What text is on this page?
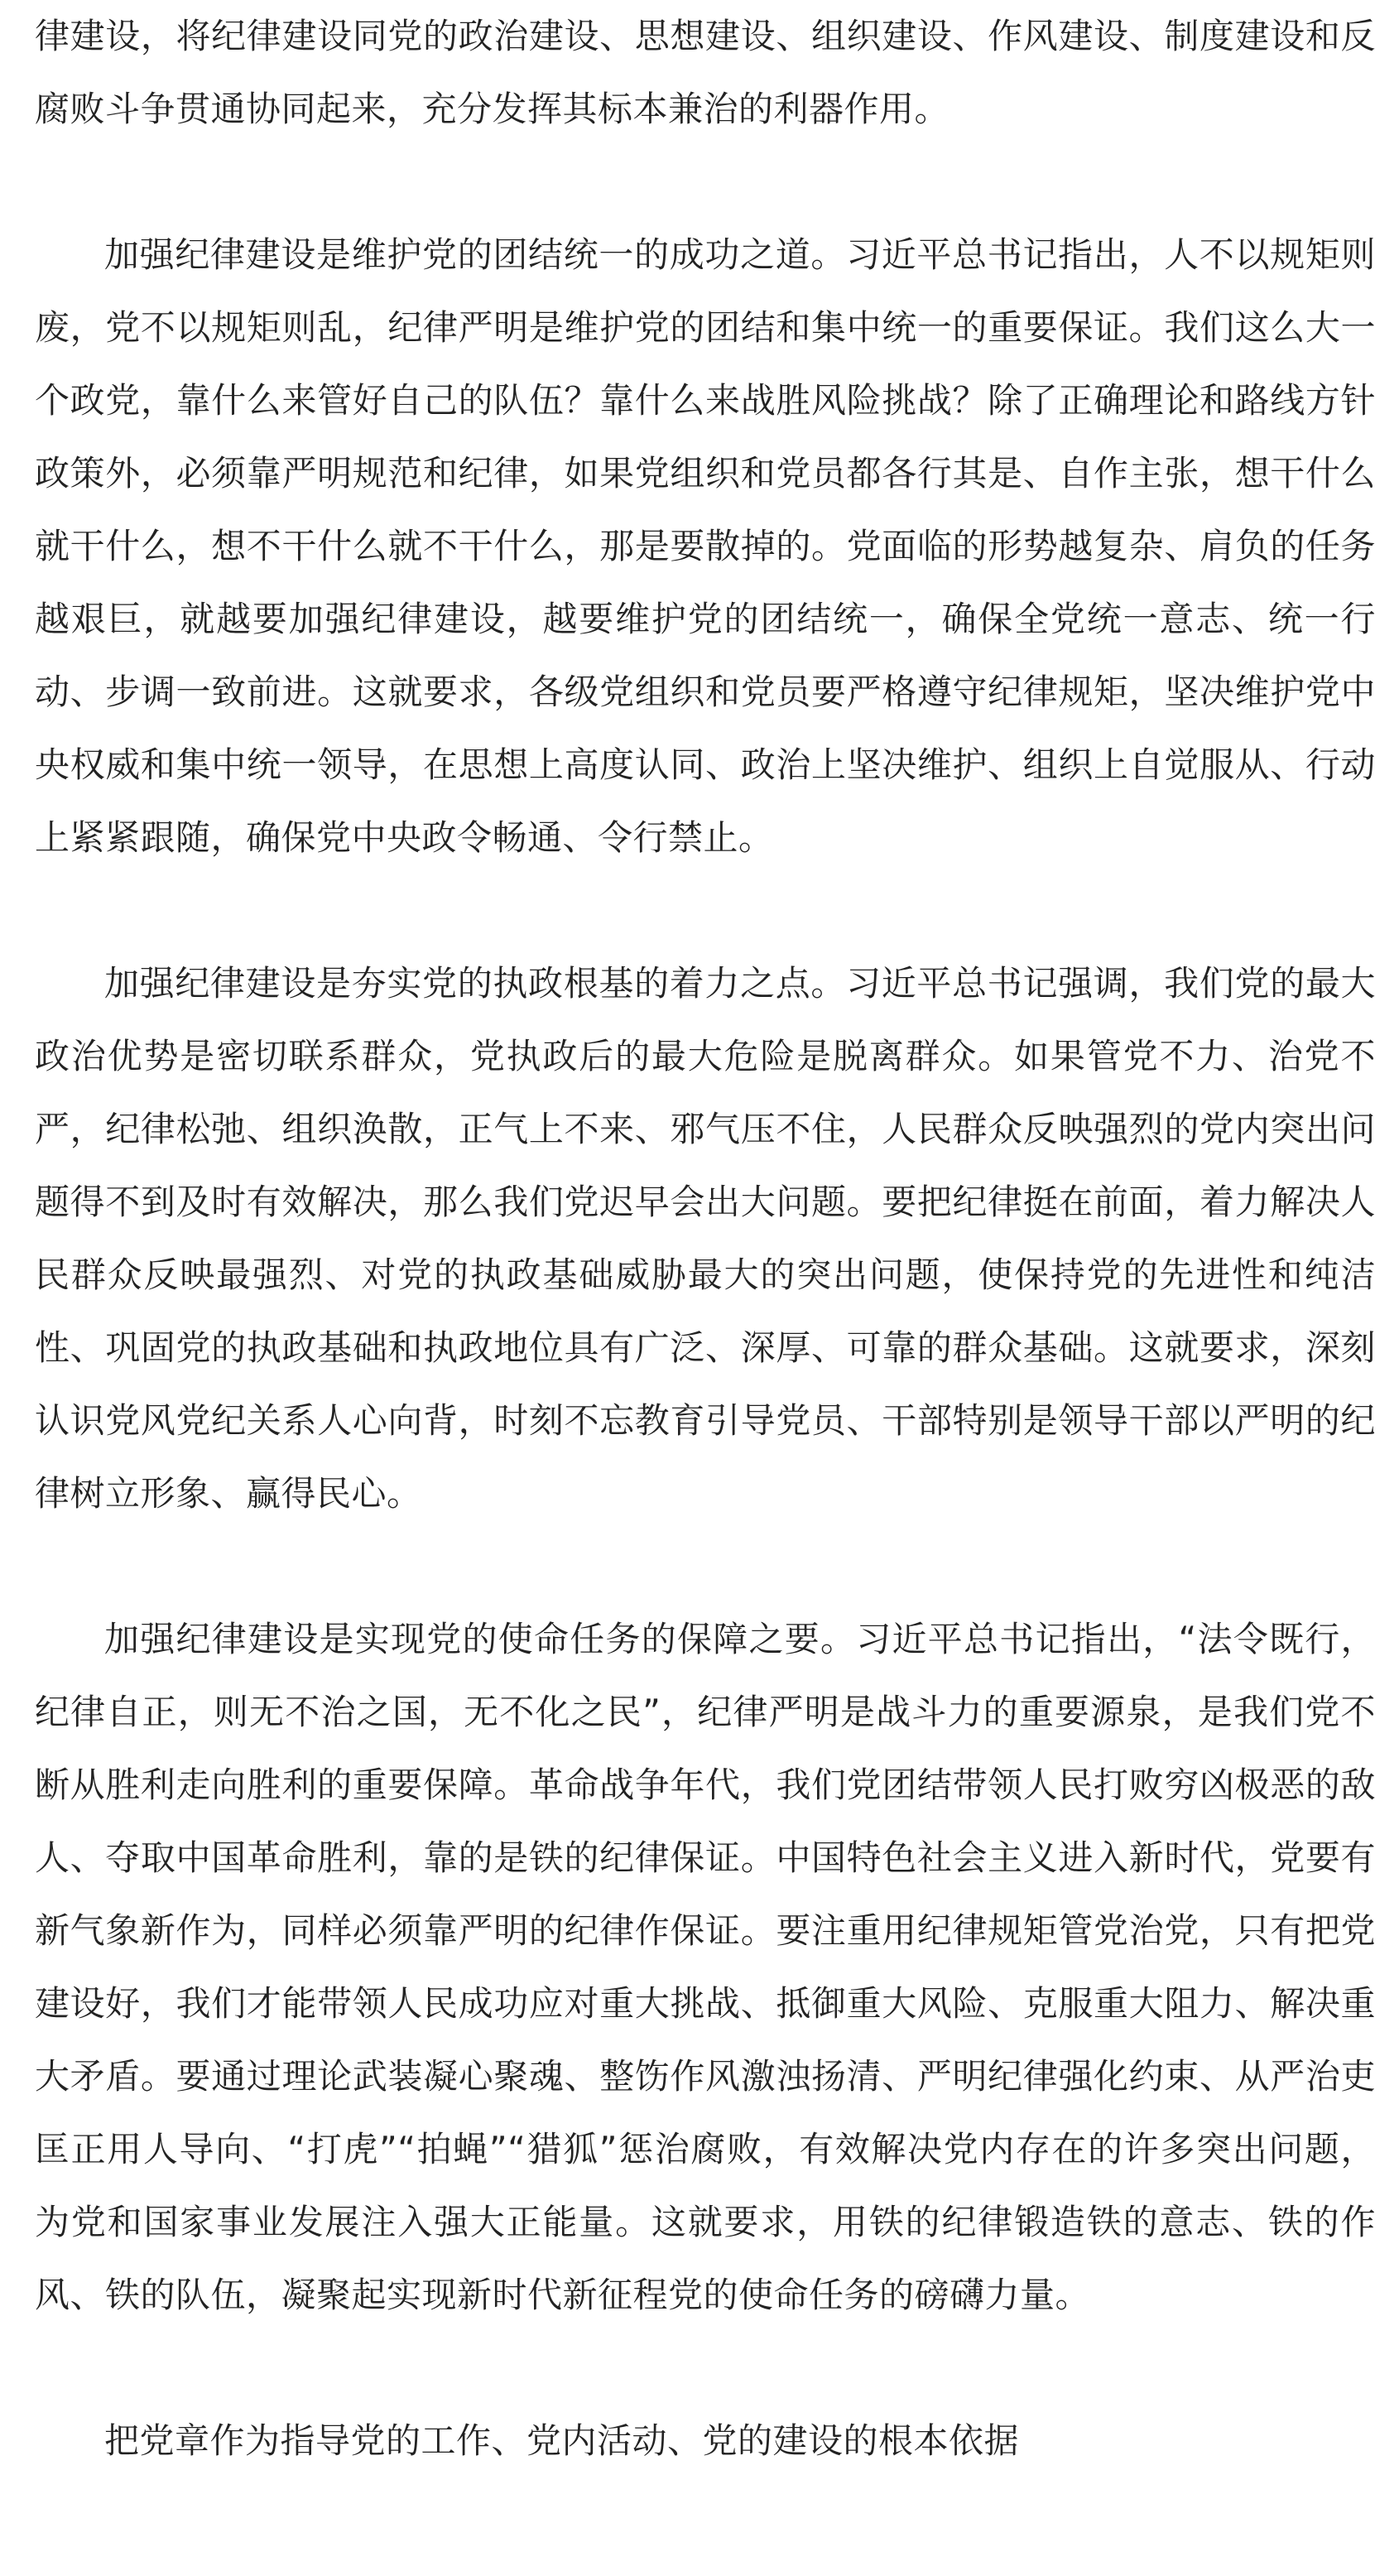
律建设，将纪律建设同党的政治建设、思想建设、组织建设、作风建设、制度建设和反腐败斗争贯通协同起来，充分发挥其标本兼治的利器作用。

加强纪律建设是维护党的团结统一的成功之道。习近平总书记指出，人不以规矩则废，党不以规矩则乱，纪律严明是维护党的团结和集中统一的重要保证。我们这么大一个政党，靠什么来管好自己的队伍？靠什么来战胜风险挑战？除了正确理论和路线方针政策外，必须靠严明规范和纪律，如果党组织和党员都各行其是、自作主张，想干什么就干什么，想不干什么就不干什么，那是要散掉的。党面临的形势越复杂、肩负的任务越艰巨，就越要加强纪律建设，越要维护党的团结统一，确保全党统一意志、统一行动、步调一致前进。这就要求，各级党组织和党员要严格遵守纪律规矩，坚决维护党中央权威和集中统一领导，在思想上高度认同、政治上坚决维护、组织上自觉服从、行动上紧紧跟随，确保党中央政令畅通、令行禁止。

加强纪律建设是夯实党的执政根基的着力之点。习近平总书记强调，我们党的最大政治优势是密切联系群众，党执政后的最大危险是脱离群众。如果管党不力、治党不严，纪律松弛、组织涣散，正气上不来、邪气压不住，人民群众反映强烈的党内突出问题得不到及时有效解决，那么我们党迟早会出大问题。要把纪律挺在前面，着力解决人民群众反映最强烈、对党的执政基础威胁最大的突出问题，使保持党的先进性和纯洁性、巩固党的执政基础和执政地位具有广泛、深厚、可靠的群众基础。这就要求，深刻认识党风党纪关系人心向背，时刻不忘教育引导党员、干部特别是领导干部以严明的纪律树立形象、赢得民心。

加强纪律建设是实现党的使命任务的保障之要。习近平总书记指出，“法令既行，纪律自正，则无不治之国，无不化之民”，纪律严明是战斗力的重要源泉，是我们党不断从胜利走向胜利的重要保障。革命战争年代，我们党团结带领人民打败穷凶极恶的敌人、夺取中国革命胜利，靠的是铁的纪律保证。中国特色社会主义进入新时代，党要有新气象新作为，同样必须靠严明的纪律作保证。要注重用纪律规矩管党治党，只有把党建设好，我们才能带领人民成功应对重大挑战、抵御重大风险、克服重大阻力、解决重大矛盾。要通过理论武装凝心聚魂、整饬作风激浊扬清、严明纪律强化约束、从严治吏匡正用人导向、“打虎”“拍蝇”“猎狐”惩治腐败，有效解决党内存在的许多突出问题，为党和国家事业发展注入强大正能量。这就要求，用铁的纪律锻造铁的意志、铁的作风、铁的队伍，凝聚起实现新时代新征程党的使命任务的磅礴力量。

把党章作为指导党的工作、党内活动、党的建设的根本依据
